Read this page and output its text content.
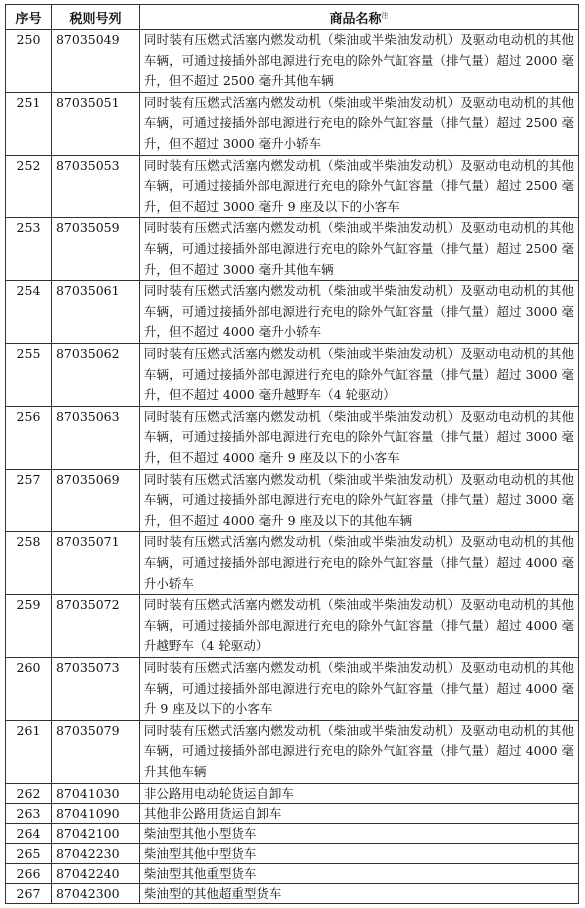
序号	税则号列	商品名称$^注$
250	87035049	同时装有压燃式活塞内燃发动机（柴油或半柴油发动机）及驱动电动机的其他车辆，可通过接插外部电源进行充电的除外气缸容量（排气量）超过 2000 毫升，但不超过 2500 毫升其他车辆
251	87035051	同时装有压燃式活塞内燃发动机（柴油或半柴油发动机）及驱动电动机的其他车辆，可通过接插外部电源进行充电的除外气缸容量（排气量）超过 2500 毫升，但不超过 3000 毫升小轿车
252	87035053	同时装有压燃式活塞内燃发动机（柴油或半柴油发动机）及驱动电动机的其他车辆，可通过接插外部电源进行充电的除外气缸容量（排气量）超过 2500 毫升，但不超过 3000 毫升 9 座及以下的小客车
253	87035059	同时装有压燃式活塞内燃发动机（柴油或半柴油发动机）及驱动电动机的其他车辆，可通过接插外部电源进行充电的除外气缸容量（排气量）超过 2500 毫升，但不超过 3000 毫升其他车辆
254	87035061	同时装有压燃式活塞内燃发动机（柴油或半柴油发动机）及驱动电动机的其他车辆，可通过接插外部电源进行充电的除外气缸容量（排气量）超过 3000 毫升，但不超过 4000 毫升小轿车
255	87035062	同时装有压燃式活塞内燃发动机（柴油或半柴油发动机）及驱动电动机的其他车辆，可通过接插外部电源进行充电的除外气缸容量（排气量）超过 3000 毫升，但不超过 4000 毫升越野车（4 轮驱动）
256	87035063	同时装有压燃式活塞内燃发动机（柴油或半柴油发动机）及驱动电动机的其他车辆，可通过接插外部电源进行充电的除外气缸容量（排气量）超过 3000 毫升，但不超过 4000 毫升 9 座及以下的小客车
257	87035069	同时装有压燃式活塞内燃发动机（柴油或半柴油发动机）及驱动电动机的其他车辆，可通过接插外部电源进行充电的除外气缸容量（排气量）超过 3000 毫升，但不超过 4000 毫升 9 座及以下的其他车辆
258	87035071	同时装有压燃式活塞内燃发动机（柴油或半柴油发动机）及驱动电动机的其他车辆，可通过接插外部电源进行充电的除外气缸容量（排气量）超过 4000 毫升小轿车
259	87035072	同时装有压燃式活塞内燃发动机（柴油或半柴油发动机）及驱动电动机的其他车辆，可通过接插外部电源进行充电的除外气缸容量（排气量）超过 4000 毫升越野车（4 轮驱动）
260	87035073	同时装有压燃式活塞内燃发动机（柴油或半柴油发动机）及驱动电动机的其他车辆，可通过接插外部电源进行充电的除外气缸容量（排气量）超过 4000 毫升 9 座及以下的小客车
261	87035079	同时装有压燃式活塞内燃发动机（柴油或半柴油发动机）及驱动电动机的其他车辆，可通过接插外部电源进行充电的除外气缸容量（排气量）超过 4000 毫升其他车辆
262	87041030	非公路用电动轮货运自卸车
263	87041090	其他非公路用货运自卸车
264	87042100	柴油型其他小型货车
265	87042230	柴油型其他中型货车
266	87042240	柴油型其他重型货车
267	87042300	柴油型的其他超重型货车
